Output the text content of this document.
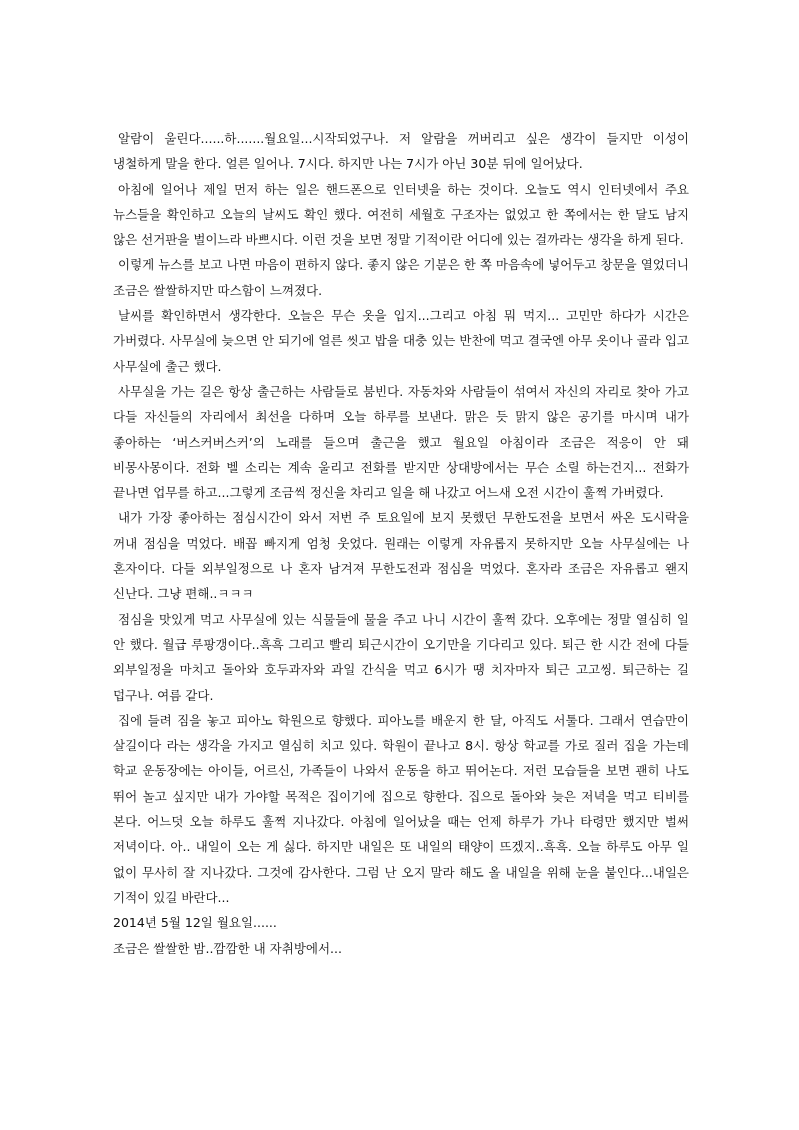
알람이 울린다......하.......월요일...시작되었구나. 저 알람을 꺼버리고 싶은 생각이 들지만 이성이 냉철하게 말을 한다. 얼른 일어나. 7시다. 하지만 나는 7시가 아닌 30분 뒤에 일어났다.

아침에 일어나 제일 먼저 하는 일은 핸드폰으로 인터넷을 하는 것이다. 오늘도 역시 인터넷에서 주요 뉴스들을 확인하고 오늘의 날씨도 확인 했다. 여전히 세월호 구조자는 없었고 한 쪽에서는 한 달도 남지 않은 선거판을 벌이느라 바쁘시다. 이런 것을 보면 정말 기적이란 어디에 있는 걸까라는 생각을 하게 된다.

이렇게 뉴스를 보고 나면 마음이 편하지 않다. 좋지 않은 기분은 한 쪽 마음속에 넣어두고 창문을 열었더니 조금은 쌀쌀하지만 따스함이 느껴졌다.

날씨를 확인하면서 생각한다. 오늘은 무슨 옷을 입지...그리고 아침 뭐 먹지... 고민만 하다가 시간은 가버렸다. 사무실에 늦으면 안 되기에 얼른 씻고 밥을 대충 있는 반찬에 먹고 결국엔 아무 옷이나 골라 입고 사무실에 출근 했다.

사무실을 가는 길은 항상 출근하는 사람들로 붐빈다. 자동차와 사람들이 섞여서 자신의 자리로 찾아 가고 다들 자신들의 자리에서 최선을 다하며 오늘 하루를 보낸다. 맑은 듯 맑지 않은 공기를 마시며 내가 좋아하는 ‘버스커버스커’의 노래를 들으며 출근을 했고 월요일 아침이라 조금은 적응이 안 돼 비몽사몽이다. 전화 벨 소리는 계속 울리고 전화를 받지만 상대방에서는 무슨 소릴 하는건지... 전화가 끝나면 업무를 하고...그렇게 조금씩 정신을 차리고 일을 해 나갔고 어느새 오전 시간이 훌쩍 가버렸다.

내가 가장 좋아하는 점심시간이 와서 저번 주 토요일에 보지 못했던 무한도전을 보면서 싸온 도시락을 꺼내 점심을 먹었다. 배꼽 빠지게 엄청 웃었다. 원래는 이렇게 자유롭지 못하지만 오늘 사무실에는 나 혼자이다. 다들 외부일정으로 나 혼자 남겨져 무한도전과 점심을 먹었다. 혼자라 조금은 자유롭고 왠지 신난다. 그냥 편해..ㅋㅋㅋ

점심을 맛있게 먹고 사무실에 있는 식물들에 물을 주고 나니 시간이 훌쩍 갔다. 오후에는 정말 열심히 일 안 했다. 월급 루팡갱이다..흑흑 그리고 빨리 퇴근시간이 오기만을 기다리고 있다. 퇴근 한 시간 전에 다들 외부일정을 마치고 돌아와 호두과자와 과일 간식을 먹고 6시가 땡 치자마자 퇴근 고고씽. 퇴근하는 길 덥구나. 여름 같다.

집에 들려 짐을 놓고 피아노 학원으로 향했다. 피아노를 배운지 한 달, 아직도 서툴다. 그래서 연습만이 살길이다 라는 생각을 가지고 열심히 치고 있다. 학원이 끝나고 8시. 항상 학교를 가로 질러 집을 가는데 학교 운동장에는 아이들, 어르신, 가족들이 나와서 운동을 하고 뛰어논다. 저런 모습들을 보면 괜히 나도 뛰어 놀고 싶지만 내가 가야할 목적은 집이기에 집으로 향한다. 집으로 돌아와 늦은 저녁을 먹고 티비를 본다. 어느덧 오늘 하루도 훌쩍 지나갔다. 아침에 일어났을 때는 언제 하루가 가나 타령만 했지만 벌써 저녁이다. 아.. 내일이 오는 게 싫다. 하지만 내일은 또 내일의 태양이 뜨겠지..흑흑. 오늘 하루도 아무 일 없이 무사히 잘 지나갔다. 그것에 감사한다. 그럼 난 오지 말라 해도 올 내일을 위해 눈을 붙인다...내일은 기적이 있길 바란다...

2014년 5월 12일 월요일......

조금은 쌀쌀한 밤..깜깜한 내 자취방에서...
